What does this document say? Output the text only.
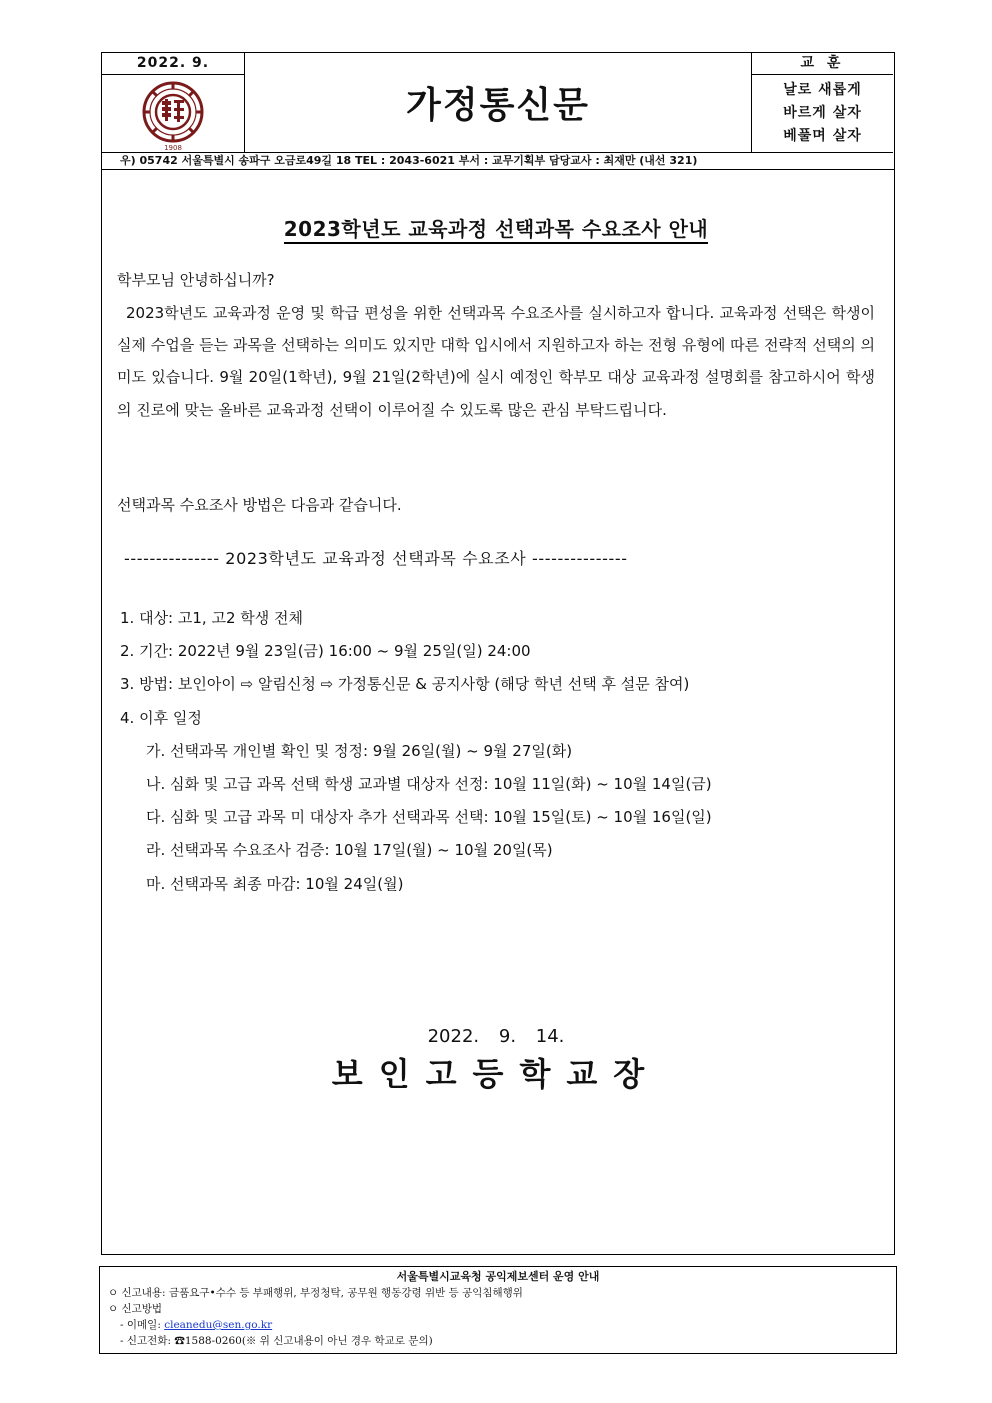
2022. 9.
1908
가정통신문
교 훈
날로 새롭게
바르게 살자
베풀며 살자
우) 05742 서울특별시 송파구 오금로49길 18 TEL : 2043-6021 부서 : 교무기획부 담당교사 : 최재만 (내선 321)
2023학년도 교육과정 선택과목 수요조사 안내
학부모님 안녕하십니까?
2023학년도 교육과정 운영 및 학급 편성을 위한 선택과목 수요조사를 실시하고자 합니다. 교육과정 선택은 학생이 실제 수업을 듣는 과목을 선택하는 의미도 있지만 대학 입시에서 지원하고자 하는 전형 유형에 따른 전략적 선택의 의미도 있습니다. 9월 20일(1학년), 9월 21일(2학년)에 실시 예정인 학부모 대상 교육과정 설명회를 참고하시어 학생의 진로에 맞는 올바른 교육과정 선택이 이루어질 수 있도록 많은 관심 부탁드립니다.
선택과목 수요조사 방법은 다음과 같습니다.
--------------- 2023학년도 교육과정 선택과목 수요조사 ---------------
1. 대상: 고1, 고2 학생 전체
2. 기간: 2022년 9월 23일(금) 16:00 ~ 9월 25일(일) 24:00
3. 방법: 보인아이 ⇨ 알림신청 ⇨ 가정통신문 & 공지사항 (해당 학년 선택 후 설문 참여)
4. 이후 일정
가. 선택과목 개인별 확인 및 정정: 9월 26일(월) ~ 9월 27일(화)
나. 심화 및 고급 과목 선택 학생 교과별 대상자 선정: 10월 11일(화) ~ 10월 14일(금)
다. 심화 및 고급 과목 미 대상자 추가 선택과목 선택: 10월 15일(토) ~ 10월 16일(일)
라. 선택과목 수요조사 검증: 10월 17일(월) ~ 10월 20일(목)
마. 선택과목 최종 마감: 10월 24일(월)
2022. 9. 14.
보인고등학교장
서울특별시교육청 공익제보센터 운영 안내
ㅇ 신고내용: 금품요구•수수 등 부패행위, 부정청탁, 공무원 행동강령 위반 등 공익침해행위
ㅇ 신고방법
- 이메일: cleanedu@sen.go.kr
- 신고전화: ☎1588-0260(※ 위 신고내용이 아닌 경우 학교로 문의)
